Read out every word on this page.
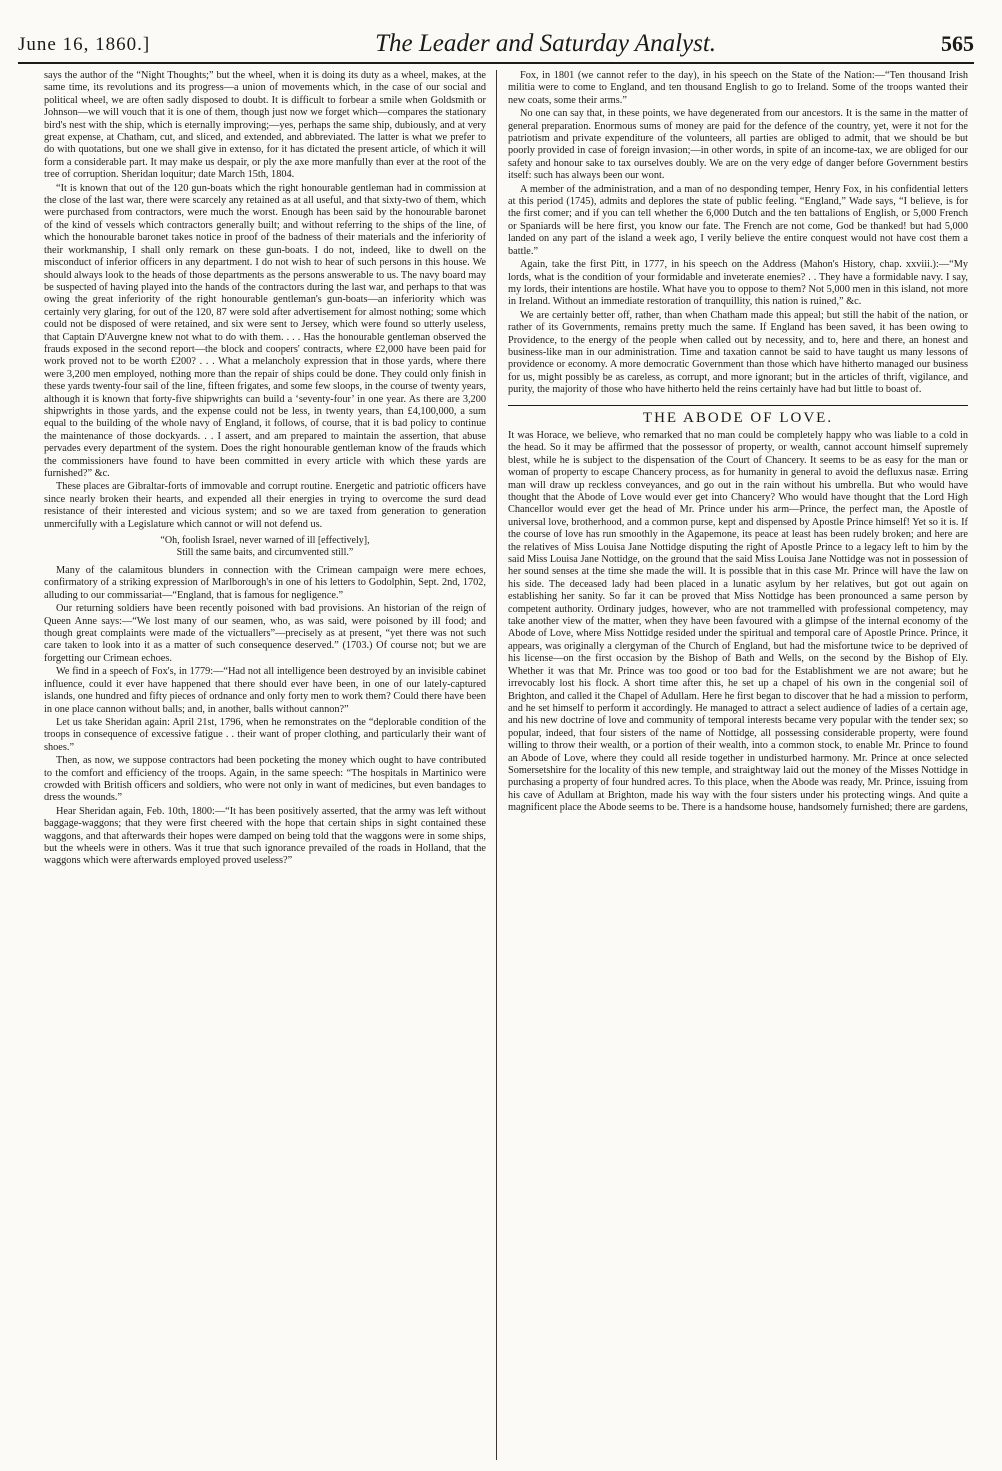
June 16, 1860.]	The Leader and Saturday Analyst.	565

says the author of the “Night Thoughts;” but the wheel, when it is doing its duty as a wheel, makes, at the same time, its revolutions and its progress—a union of movements which, in the case of our social and political wheel, we are often sadly disposed to doubt. It is difficult to forbear a smile when Goldsmith or Johnson—we will vouch that it is one of them, though just now we forget which—compares the stationary bird's nest with the ship, which is eternally improving;—yes, perhaps the same ship, dubiously, and at very great expense, at Chatham, cut, and sliced, and extended, and abbreviated. The latter is what we prefer to do with quotations, but one we shall give in extenso, for it has dictated the present article, of which it will form a considerable part. It may make us despair, or ply the axe more manfully than ever at the root of the tree of corruption. Sheridan loquitur; date March 15th, 1804.

“It is known that out of the 120 gun-boats which the right honourable gentleman had in commission at the close of the last war, there were scarcely any retained as at all useful, and that sixty-two of them, which were purchased from contractors, were much the worst. Enough has been said by the honourable baronet of the kind of vessels which contractors generally built; and without referring to the ships of the line, of which the honourable baronet takes notice in proof of the badness of their materials and the inferiority of their workmanship, I shall only remark on these gun-boats. I do not, indeed, like to dwell on the misconduct of inferior officers in any department. I do not wish to hear of such persons in this house. We should always look to the heads of those departments as the persons answerable to us. The navy board may be suspected of having played into the hands of the contractors during the last war, and perhaps to that was owing the great inferiority of the right honourable gentleman's gun-boats—an inferiority which was certainly very glaring, for out of the 120, 87 were sold after advertisement for almost nothing; some which could not be disposed of were retained, and six were sent to Jersey, which were found so utterly useless, that Captain D'Auvergne knew not what to do with them. . . . Has the honourable gentleman observed the frauds exposed in the second report—the block and coopers' contracts, where £2,000 have been paid for work proved not to be worth £200? . . . What a melancholy expression that in those yards, where there were 3,200 men employed, nothing more than the repair of ships could be done. They could only finish in these yards twenty-four sail of the line, fifteen frigates, and some few sloops, in the course of twenty years, although it is known that forty-five shipwrights can build a ‘seventy-four’ in one year. As there are 3,200 shipwrights in those yards, and the expense could not be less, in twenty years, than £4,100,000, a sum equal to the building of the whole navy of England, it follows, of course, that it is bad policy to continue the maintenance of those dockyards. . . I assert, and am prepared to maintain the assertion, that abuse pervades every department of the system. Does the right honourable gentleman know of the frauds which the commissioners have found to have been committed in every article with which these yards are furnished?” &c.

These places are Gibraltar-forts of immovable and corrupt routine. Energetic and patriotic officers have since nearly broken their hearts, and expended all their energies in trying to overcome the surd dead resistance of their interested and vicious system; and so we are taxed from generation to generation unmercifully with a Legislature which cannot or will not defend us.

“Oh, foolish Israel, never warned of ill [effectively],
Still the same baits, and circumvented still.”

Many of the calamitous blunders in connection with the Crimean campaign were mere echoes, confirmatory of a striking expression of Marlborough's in one of his letters to Godolphin, Sept. 2nd, 1702, alluding to our commissariat—“England, that is famous for negligence.”

Our returning soldiers have been recently poisoned with bad provisions. An historian of the reign of Queen Anne says:—“We lost many of our seamen, who, as was said, were poisoned by ill food; and though great complaints were made of the victuallers”—precisely as at present, “yet there was not such care taken to look into it as a matter of such consequence deserved.” (1703.) Of course not; but we are forgetting our Crimean echoes.

We find in a speech of Fox's, in 1779:—“Had not all intelligence been destroyed by an invisible cabinet influence, could it ever have happened that there should ever have been, in one of our lately-captured islands, one hundred and fifty pieces of ordnance and only forty men to work them? Could there have been in one place cannon without balls; and, in another, balls without cannon?”

Let us take Sheridan again: April 21st, 1796, when he remonstrates on the “deplorable condition of the troops in consequence of excessive fatigue . . their want of proper clothing, and particularly their want of shoes.”

Then, as now, we suppose contractors had been pocketing the money which ought to have contributed to the comfort and efficiency of the troops. Again, in the same speech: “The hospitals in Martinico were crowded with British officers and soldiers, who were not only in want of medicines, but even bandages to dress the wounds.”

Hear Sheridan again, Feb. 10th, 1800:—“It has been positively asserted, that the army was left without baggage-waggons; that they were first cheered with the hope that certain ships in sight contained these waggons, and that afterwards their hopes were damped on being told that the waggons were in some ships, but the wheels were in others. Was it true that such ignorance prevailed of the roads in Holland, that the waggons which were afterwards employed proved useless?”

Fox, in 1801 (we cannot refer to the day), in his speech on the State of the Nation:—“Ten thousand Irish militia were to come to England, and ten thousand English to go to Ireland. Some of the troops wanted their new coats, some their arms.”

No one can say that, in these points, we have degenerated from our ancestors. It is the same in the matter of general preparation. Enormous sums of money are paid for the defence of the country, yet, were it not for the patriotism and private expenditure of the volunteers, all parties are obliged to admit, that we should be but poorly provided in case of foreign invasion;—in other words, in spite of an income-tax, we are obliged for our safety and honour sake to tax ourselves doubly. We are on the very edge of danger before Government bestirs itself: such has always been our wont.

A member of the administration, and a man of no desponding temper, Henry Fox, in his confidential letters at this period (1745), admits and deplores the state of public feeling. “England,” Wade says, “I believe, is for the first comer; and if you can tell whether the 6,000 Dutch and the ten battalions of English, or 5,000 French or Spaniards will be here first, you know our fate. The French are not come, God be thanked! but had 5,000 landed on any part of the island a week ago, I verily believe the entire conquest would not have cost them a battle.”

Again, take the first Pitt, in 1777, in his speech on the Address (Mahon's History, chap. xxviii.):—“My lords, what is the condition of your formidable and inveterate enemies? . . They have a formidable navy. I say, my lords, their intentions are hostile. What have you to oppose to them? Not 5,000 men in this island, not more in Ireland. Without an immediate restoration of tranquillity, this nation is ruined,” &c.

We are certainly better off, rather, than when Chatham made this appeal; but still the habit of the nation, or rather of its Governments, remains pretty much the same. If England has been saved, it has been owing to Providence, to the energy of the people when called out by necessity, and to, here and there, an honest and business-like man in our administration. Time and taxation cannot be said to have taught us many lessons of providence or economy. A more democratic Government than those which have hitherto managed our business for us, might possibly be as careless, as corrupt, and more ignorant; but in the articles of thrift, vigilance, and purity, the majority of those who have hitherto held the reins certainly have had but little to boast of.

THE ABODE OF LOVE.

It was Horace, we believe, who remarked that no man could be completely happy who was liable to a cold in the head. So it may be affirmed that the possessor of property, or wealth, cannot account himself supremely blest, while he is subject to the dispensation of the Court of Chancery. It seems to be as easy for the man or woman of property to escape Chancery process, as for humanity in general to avoid the defluxus nasæ. Erring man will draw up reckless conveyances, and go out in the rain without his umbrella. But who would have thought that the Abode of Love would ever get into Chancery? Who would have thought that the Lord High Chancellor would ever get the head of Mr. Prince under his arm—Prince, the perfect man, the Apostle of universal love, brotherhood, and a common purse, kept and dispensed by Apostle Prince himself! Yet so it is. If the course of love has run smoothly in the Agapemone, its peace at least has been rudely broken; and here are the relatives of Miss Louisa Jane Nottidge disputing the right of Apostle Prince to a legacy left to him by the said Miss Louisa Jane Nottidge, on the ground that the said Miss Louisa Jane Nottidge was not in possession of her sound senses at the time she made the will. It is possible that in this case Mr. Prince will have the law on his side. The deceased lady had been placed in a lunatic asylum by her relatives, but got out again on establishing her sanity. So far it can be proved that Miss Nottidge has been pronounced a same person by competent authority. Ordinary judges, however, who are not trammelled with professional competency, may take another view of the matter, when they have been favoured with a glimpse of the internal economy of the Abode of Love, where Miss Nottidge resided under the spiritual and temporal care of Apostle Prince. Prince, it appears, was originally a clergyman of the Church of England, but had the misfortune twice to be deprived of his license—on the first occasion by the Bishop of Bath and Wells, on the second by the Bishop of Ely. Whether it was that Mr. Prince was too good or too bad for the Establishment we are not aware; but he irrevocably lost his flock. A short time after this, he set up a chapel of his own in the congenial soil of Brighton, and called it the Chapel of Adullam. Here he first began to discover that he had a mission to perform, and he set himself to perform it accordingly. He managed to attract a select audience of ladies of a certain age, and his new doctrine of love and community of temporal interests became very popular with the tender sex; so popular, indeed, that four sisters of the name of Nottidge, all possessing considerable property, were found willing to throw their wealth, or a portion of their wealth, into a common stock, to enable Mr. Prince to found an Abode of Love, where they could all reside together in undisturbed harmony. Mr. Prince at once selected Somersetshire for the locality of this new temple, and straightway laid out the money of the Misses Nottidge in purchasing a property of four hundred acres. To this place, when the Abode was ready, Mr. Prince, issuing from his cave of Adullam at Brighton, made his way with the four sisters under his protecting wings. And quite a magnificent place the Abode seems to be. There is a handsome house, handsomely furnished; there are gardens,
